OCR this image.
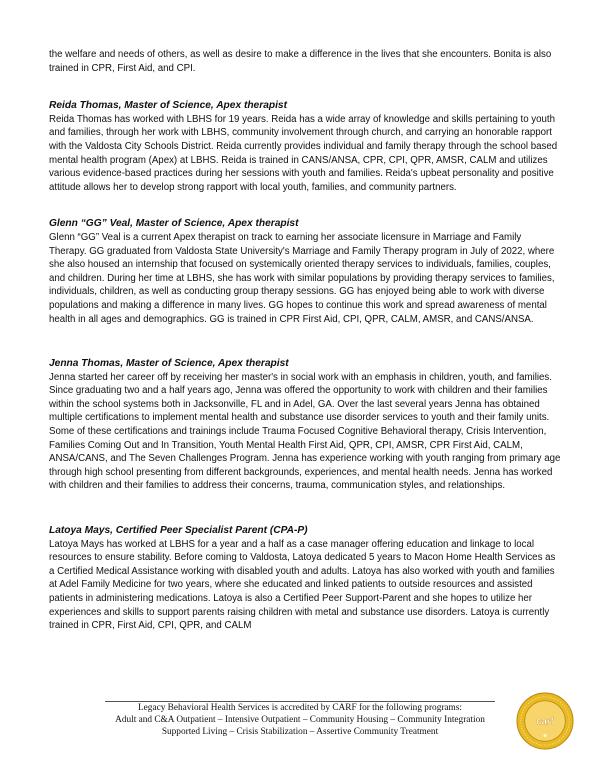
the welfare and needs of others, as well as desire to make a difference in the lives that she encounters. Bonita is also trained in CPR, First Aid, and CPI.

Reida Thomas, Master of Science, Apex therapist

Reida Thomas has worked with LBHS for 19 years. Reida has a wide array of knowledge and skills pertaining to youth and families, through her work with LBHS, community involvement through church, and carrying an honorable rapport with the Valdosta City Schools District. Reida currently provides individual and family therapy through the school based mental health program (Apex) at LBHS. Reida is trained in CANS/ANSA, CPR, CPI, QPR, AMSR, CALM and utilizes various evidence-based practices during her sessions with youth and families. Reida's upbeat personality and positive attitude allows her to develop strong rapport with local youth, families, and community partners.

Glenn “GG” Veal, Master of Science, Apex therapist

Glenn “GG” Veal is a current Apex therapist on track to earning her associate licensure in Marriage and Family Therapy. GG graduated from Valdosta State University's Marriage and Family Therapy program in July of 2022, where she also housed an internship that focused on systemically oriented therapy services to individuals, families, couples, and children. During her time at LBHS, she has work with similar populations by providing therapy services to families, individuals, children, as well as conducting group therapy sessions. GG has enjoyed being able to work with diverse populations and making a difference in many lives. GG hopes to continue this work and spread awareness of mental health in all ages and demographics. GG is trained in CPR First Aid, CPI, QPR, CALM, AMSR, and CANS/ANSA.

Jenna Thomas, Master of Science, Apex therapist

Jenna started her career off by receiving her master's in social work with an emphasis in children, youth, and families. Since graduating two and a half years ago, Jenna was offered the opportunity to work with children and their families within the school systems both in Jacksonville, FL and in Adel, GA. Over the last several years Jenna has obtained multiple certifications to implement mental health and substance use disorder services to youth and their family units. Some of these certifications and trainings include Trauma Focused Cognitive Behavioral therapy, Crisis Intervention, Families Coming Out and In Transition, Youth Mental Health First Aid, QPR, CPI, AMSR, CPR First Aid, CALM, ANSA/CANS, and The Seven Challenges Program. Jenna has experience working with youth ranging from primary age through high school presenting from different backgrounds, experiences, and mental health needs. Jenna has worked with children and their families to address their concerns, trauma, communication styles, and relationships.

Latoya Mays, Certified Peer Specialist Parent (CPA-P)

Latoya Mays has worked at LBHS for a year and a half as a case manager offering education and linkage to local resources to ensure stability. Before coming to Valdosta, Latoya dedicated 5 years to Macon Home Health Services as a Certified Medical Assistance working with disabled youth and adults. Latoya has also worked with youth and families at Adel Family Medicine for two years, where she educated and linked patients to outside resources and assisted patients in administering medications. Latoya is also a Certified Peer Support-Parent and she hopes to utilize her experiences and skills to support parents raising children with metal and substance use disorders. Latoya is currently trained in CPR, First Aid, CPI, QPR, and CALM

Legacy Behavioral Health Services is accredited by CARF for the following programs:
Adult and C&A Outpatient – Intensive Outpatient – Community Housing – Community Integration
Supported Living – Crisis Stabilization – Assertive Community Treatment
carf
